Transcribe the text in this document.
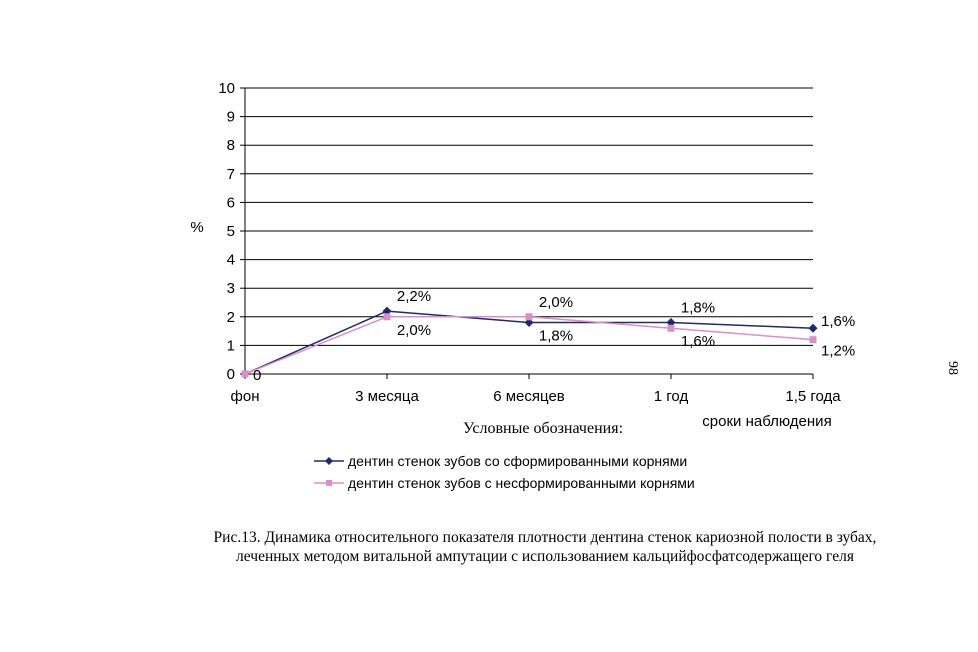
0
1
2
3
4
5
6
7
8
9
10
фон	3 месяца	6 месяцев	1 год	1,5 года
%
сроки наблюдения
0
2,2%
1,8%
1,8%
1,6%
2,0%
2,0%
1,6%
1,2%
Условные обозначения:
дентин стенок зубов со сформированными корнями
дентин стенок зубов с несформированными корнями
Рис.13. Динамика относительного показателя плотности дентина стенок кариозной полости в зубах,
леченных методом витальной ампутации с использованием кальцийфосфатсодержащего геля
98
